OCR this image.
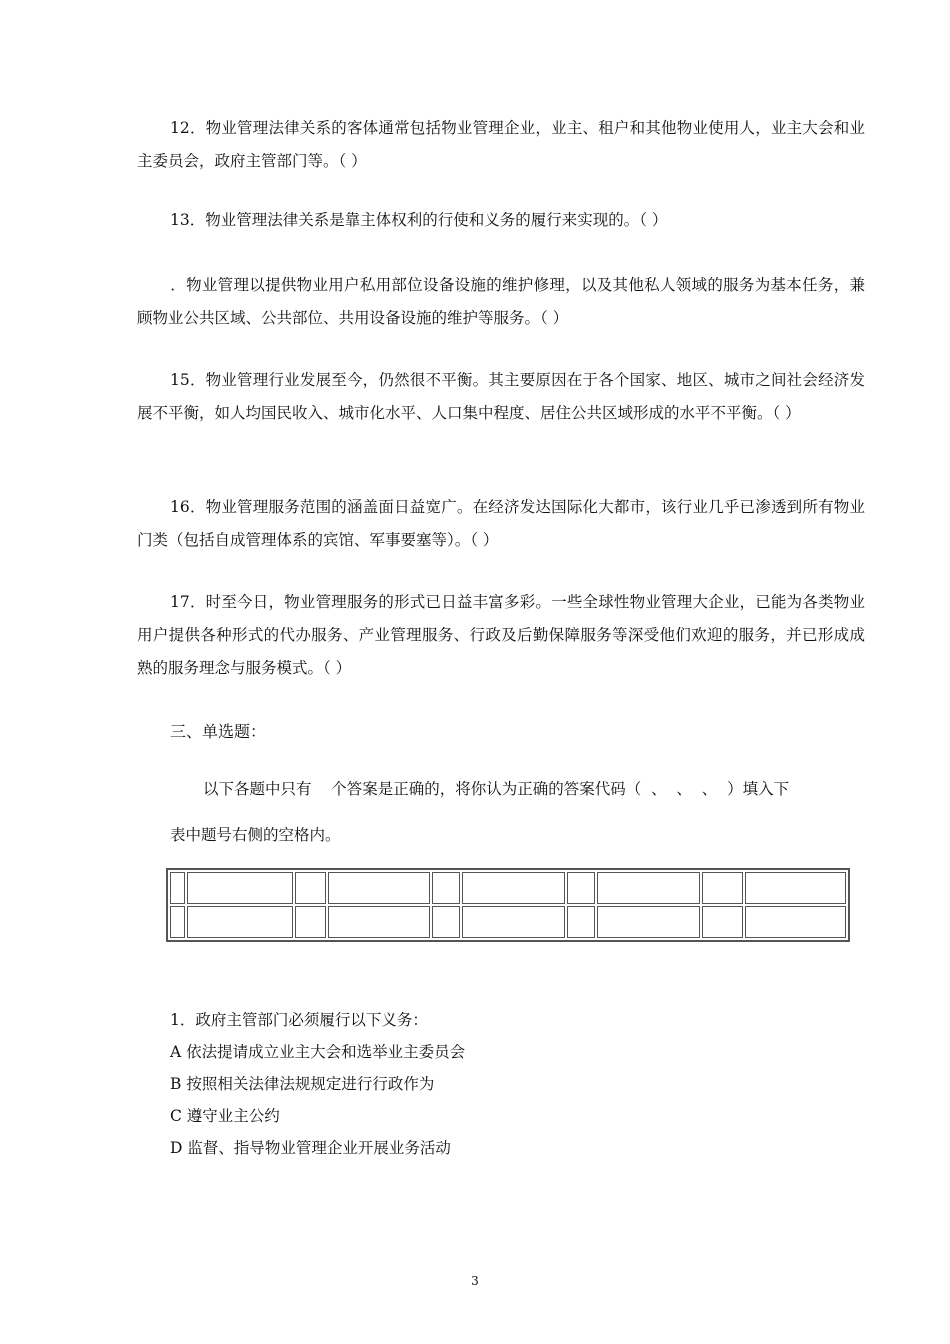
12．物业管理法律关系的客体通常包括物业管理企业，业主、租户和其他物业使用人，业主大会和业主委员会，政府主管部门等。（ ）
13．物业管理法律关系是靠主体权利的行使和义务的履行来实现的。（ ）
．物业管理以提供物业用户私用部位设备设施的维护修理，以及其他私人领域的服务为基本任务，兼顾物业公共区域、公共部位、共用设备设施的维护等服务。（ ）
15．物业管理行业发展至今，仍然很不平衡。其主要原因在于各个国家、地区、城市之间社会经济发展不平衡，如人均国民收入、城市化水平、人口集中程度、居住公共区域形成的水平不平衡。（ ）
16．物业管理服务范围的涵盖面日益宽广。在经济发达国际化大都市，该行业几乎已渗透到所有物业门类（包括自成管理体系的宾馆、军事要塞等）。（ ）
17．时至今日，物业管理服务的形式已日益丰富多彩。一些全球性物业管理大企业，已能为各类物业用户提供各种形式的代办服务、产业管理服务、行政及后勤保障服务等深受他们欢迎的服务，并已形成成熟的服务理念与服务模式。（ ）
三、单选题：
以下各题中只有    个答案是正确的，将你认为正确的答案代码（  、  、  、  ）填入下
表中题号右侧的空格内。

1．政府主管部门必须履行以下义务：
A 依法提请成立业主大会和选举业主委员会
B 按照相关法律法规规定进行行政作为
C 遵守业主公约
D 监督、指导物业管理企业开展业务活动
3
